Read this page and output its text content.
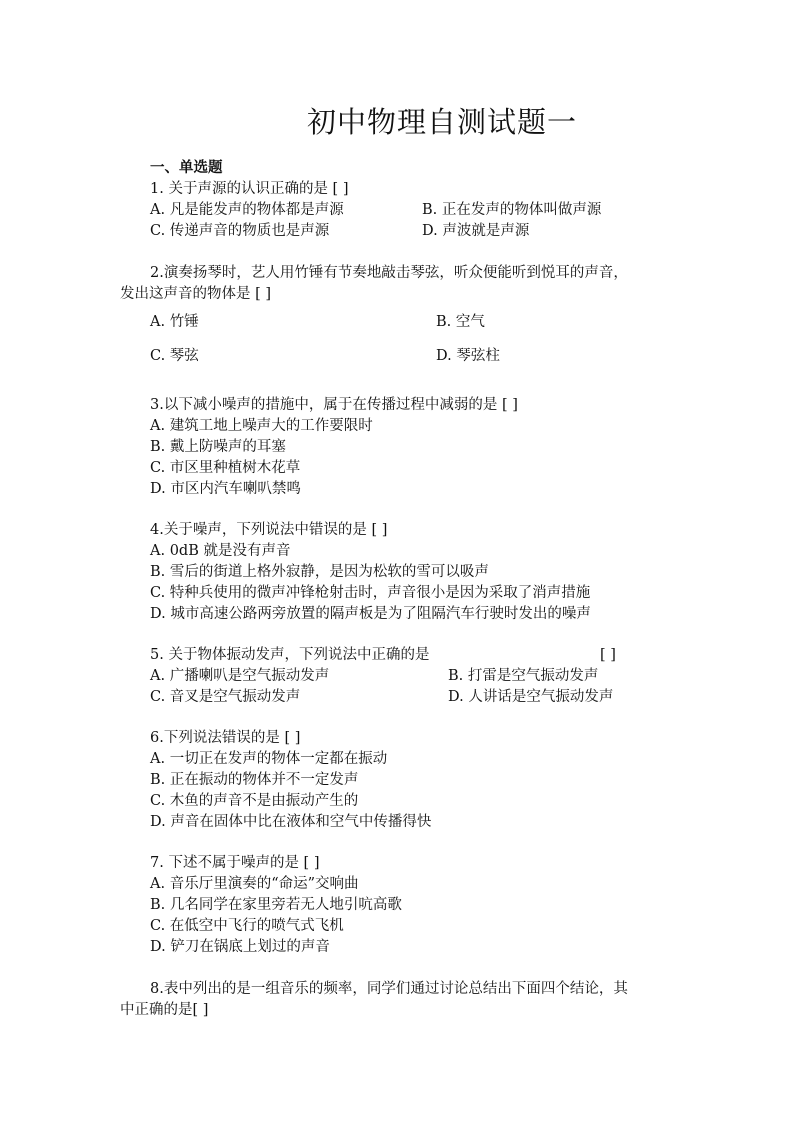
初中物理自测试题一
一、单选题
1. 关于声源的认识正确的是 [ ]
A. 凡是能发声的物体都是声源	B. 正在发声的物体叫做声源
C. 传递声音的物质也是声源	D. 声波就是声源
2.演奏扬琴时，艺人用竹锤有节奏地敲击琴弦，听众便能听到悦耳的声音，
发出这声音的物体是 [ ]
A. 竹锤	B. 空气
C. 琴弦	D. 琴弦柱
3.以下减小噪声的措施中，属于在传播过程中减弱的是 [ ]
A. 建筑工地上噪声大的工作要限时
B. 戴上防噪声的耳塞
C. 市区里种植树木花草
D. 市区内汽车喇叭禁鸣
4.关于噪声，下列说法中错误的是 [ ]
A. 0dB 就是没有声音
B. 雪后的街道上格外寂静，是因为松软的雪可以吸声
C. 特种兵使用的微声冲锋枪射击时，声音很小是因为采取了消声措施
D. 城市高速公路两旁放置的隔声板是为了阻隔汽车行驶时发出的噪声
5. 关于物体振动发声，下列说法中正确的是	[ ]
A. 广播喇叭是空气振动发声	B. 打雷是空气振动发声
C. 音叉是空气振动发声	D. 人讲话是空气振动发声
6.下列说法错误的是 [ ]
A. 一切正在发声的物体一定都在振动
B. 正在振动的物体并不一定发声
C. 木鱼的声音不是由振动产生的
D. 声音在固体中比在液体和空气中传播得快
7. 下述不属于噪声的是 [ ]
A. 音乐厅里演奏的“命运”交响曲
B. 几名同学在家里旁若无人地引吭高歌
C. 在低空中飞行的喷气式飞机
D. 铲刀在锅底上划过的声音
8.表中列出的是一组音乐的频率，同学们通过讨论总结出下面四个结论，其
中正确的是[ ]
